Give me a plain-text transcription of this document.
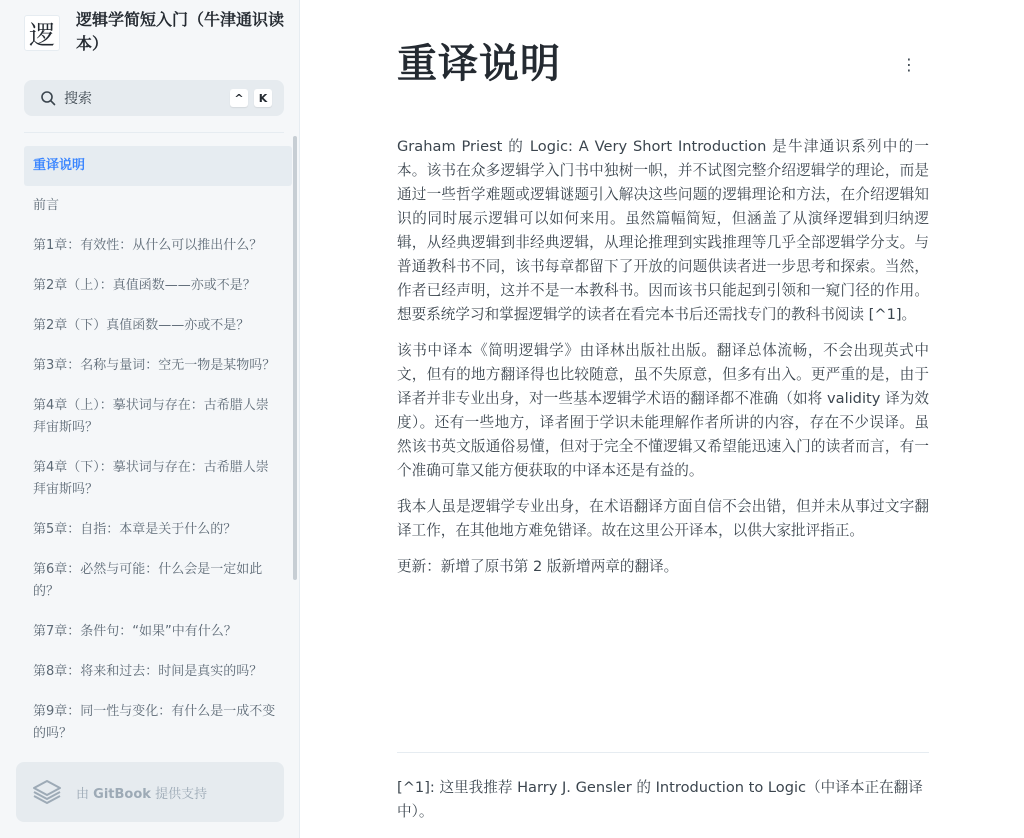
逻
逻辑学简短入门（牛津通识读本）
搜索	^	K
重译说明
前言
第1章：有效性：从什么可以推出什么？
第2章（上）：真值函数——亦或不是？
第2章（下）真值函数——亦或不是？
第3章：名称与量词：空无一物是某物吗？
第4章（上）：摹状词与存在：古希腊人崇拜宙斯吗？
第4章（下）：摹状词与存在：古希腊人崇拜宙斯吗？
第5章：自指：本章是关于什么的？
第6章：必然与可能：什么会是一定如此的？
第7章：条件句：“如果”中有什么？
第8章：将来和过去：时间是真实的吗？
第9章：同一性与变化：有什么是一成不变的吗？
由 GitBook 提供支持
重译说明	⋮

Graham Priest 的 Logic: A Very Short Introduction 是牛津通识系列中的一本。该书在众多逻辑学入门书中独树一帜，并不试图完整介绍逻辑学的理论，而是通过一些哲学难题或逻辑谜题引入解决这些问题的逻辑理论和方法，在介绍逻辑知识的同时展示逻辑可以如何来用。虽然篇幅简短，但涵盖了从演绎逻辑到归纳逻辑，从经典逻辑到非经典逻辑，从理论推理到实践推理等几乎全部逻辑学分支。与普通教科书不同，该书每章都留下了开放的问题供读者进一步思考和探索。当然，作者已经声明，这并不是一本教科书。因而该书只能起到引领和一窥门径的作用。想要系统学习和掌握逻辑学的读者在看完本书后还需找专门的教科书阅读 [^1]。

该书中译本《简明逻辑学》由译林出版社出版。翻译总体流畅，不会出现英式中文，但有的地方翻译得也比较随意，虽不失原意，但多有出入。更严重的是，由于译者并非专业出身，对一些基本逻辑学术语的翻译都不准确（如将 validity 译为效度）。还有一些地方，译者囿于学识未能理解作者所讲的内容，存在不少误译。虽然该书英文版通俗易懂，但对于完全不懂逻辑又希望能迅速入门的读者而言，有一个准确可靠又能方便获取的中译本还是有益的。

我本人虽是逻辑学专业出身，在术语翻译方面自信不会出错，但并未从事过文字翻译工作，在其他地方难免错译。故在这里公开译本，以供大家批评指正。

更新：新增了原书第 2 版新增两章的翻译。

[^1]: 这里我推荐 Harry J. Gensler 的 Introduction to Logic（中译本正在翻译中）。
